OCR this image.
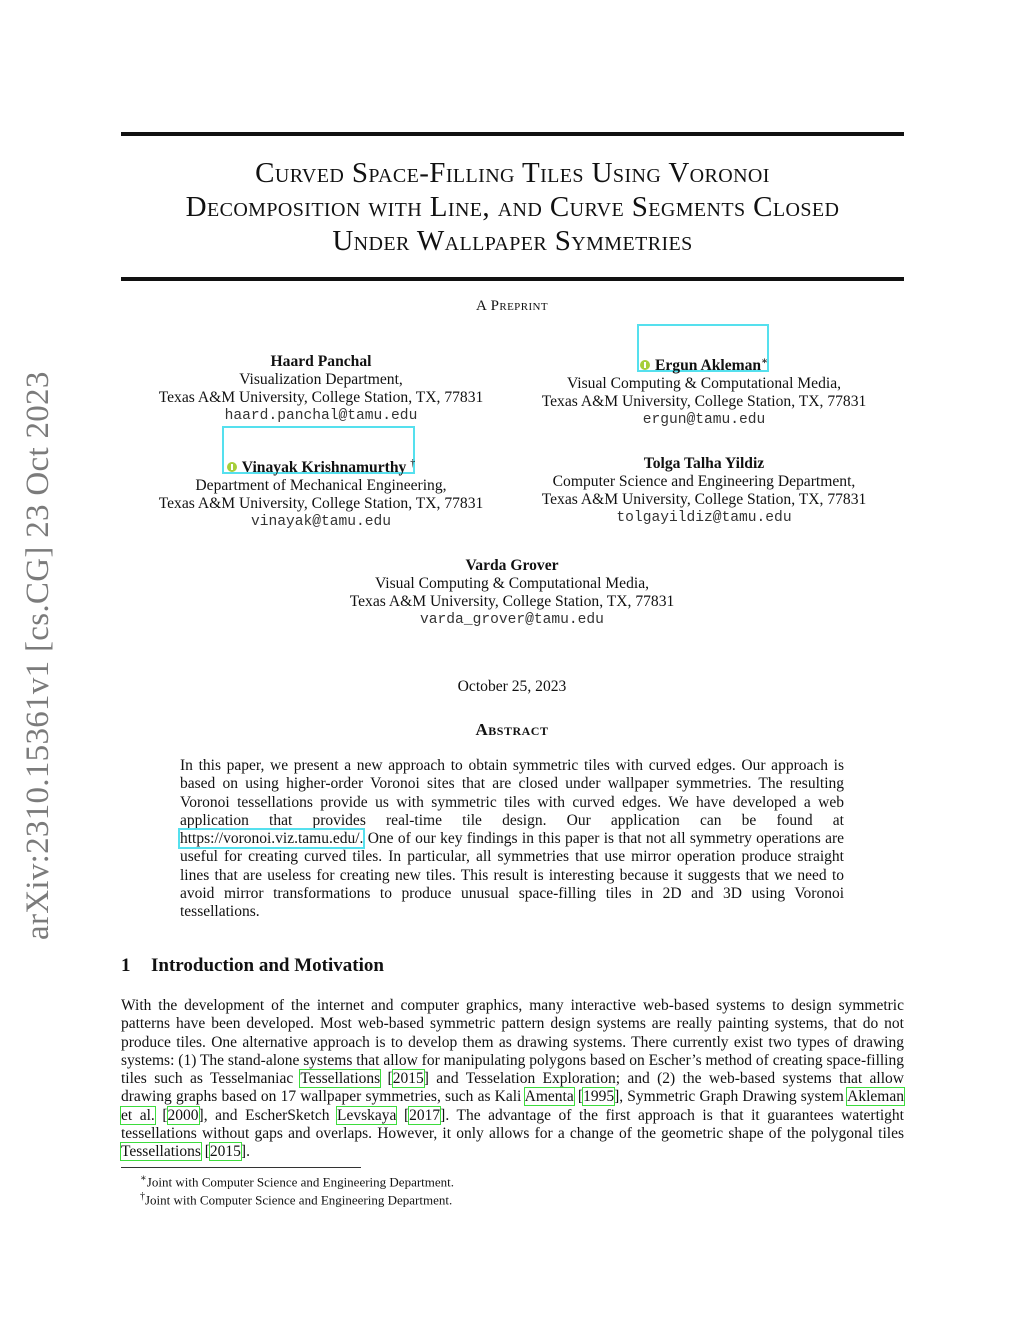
arXiv:2310.15361v1 [cs.CG] 23 Oct 2023
Curved Space-Filling Tiles Using Voronoi
Decomposition with Line, and Curve Segments Closed
Under Wallpaper Symmetries
A Preprint
Haard Panchal
Visualization Department,
Texas A&M University, College Station, TX, 77831
haard.panchal@tamu.edu
Ergun Akleman∗
Visual Computing & Computational Media,
Texas A&M University, College Station, TX, 77831
ergun@tamu.edu
Vinayak Krishnamurthy †
Department of Mechanical Engineering,
Texas A&M University, College Station, TX, 77831
vinayak@tamu.edu
Tolga Talha Yildiz
Computer Science and Engineering Department,
Texas A&M University, College Station, TX, 77831
tolgayildiz@tamu.edu
Varda Grover
Visual Computing & Computational Media,
Texas A&M University, College Station, TX, 77831
varda_grover@tamu.edu
October 25, 2023
Abstract
In this paper, we present a new approach to obtain symmetric tiles with curved edges. Our approach is based on using higher-order Voronoi sites that are closed under wallpaper symmetries. The resulting Voronoi tessellations provide us with symmetric tiles with curved edges. We have developed a web application that provides real-time tile design. Our application can be found at https://voronoi.viz.tamu.edu/. One of our key findings in this paper is that not all symmetry operations are useful for creating curved tiles. In particular, all symmetries that use mirror operation produce straight lines that are useless for creating new tiles. This result is interesting because it suggests that we need to avoid mirror transformations to produce unusual space-filling tiles in 2D and 3D using Voronoi tessellations.
1 Introduction and Motivation
With the development of the internet and computer graphics, many interactive web-based systems to design symmetric patterns have been developed. Most web-based symmetric pattern design systems are really painting systems, that do not produce tiles. One alternative approach is to develop them as drawing systems. There currently exist two types of drawing systems: (1) The stand-alone systems that allow for manipulating polygons based on Escher’s method of creating space-filling tiles such as Tesselmaniac Tessellations [2015] and Tesselation Exploration; and (2) the web-based systems that allow drawing graphs based on 17 wallpaper symmetries, such as Kali Amenta [1995], Symmetric Graph Drawing system Akleman et al. [2000], and EscherSketch Levskaya [2017]. The advantage of the first approach is that it guarantees watertight tessellations without gaps and overlaps. However, it only allows for a change of the geometric shape of the polygonal tiles Tessellations [2015].
∗Joint with Computer Science and Engineering Department.
†Joint with Computer Science and Engineering Department.
